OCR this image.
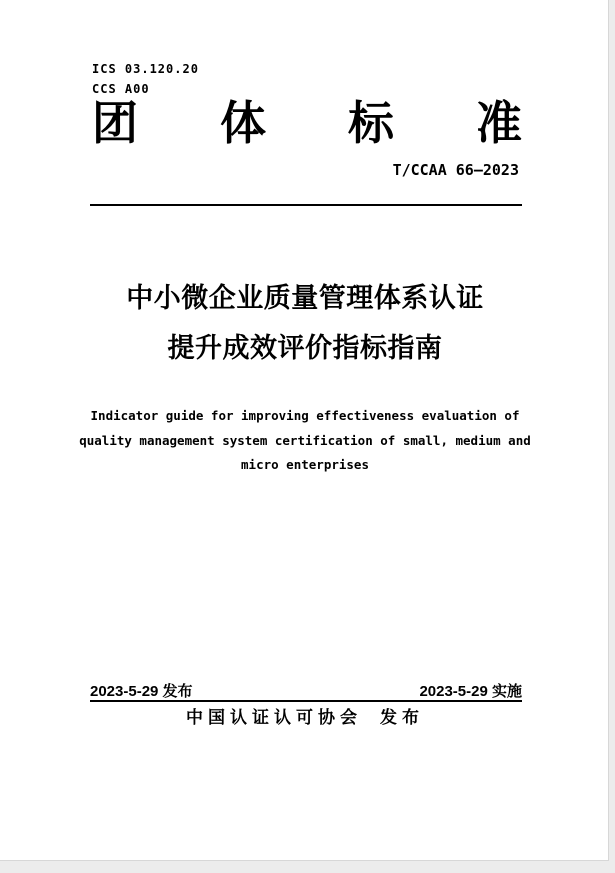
ICS 03.120.20
CCS A00
团 体 标 准
T/CCAA 66—2023
中小微企业质量管理体系认证
提升成效评价指标指南
Indicator guide for improving effectiveness evaluation of
quality management system certification of small, medium and
micro enterprises
2023-5-29 发布	2023-5-29 实施
中国认证认可协会 发布
